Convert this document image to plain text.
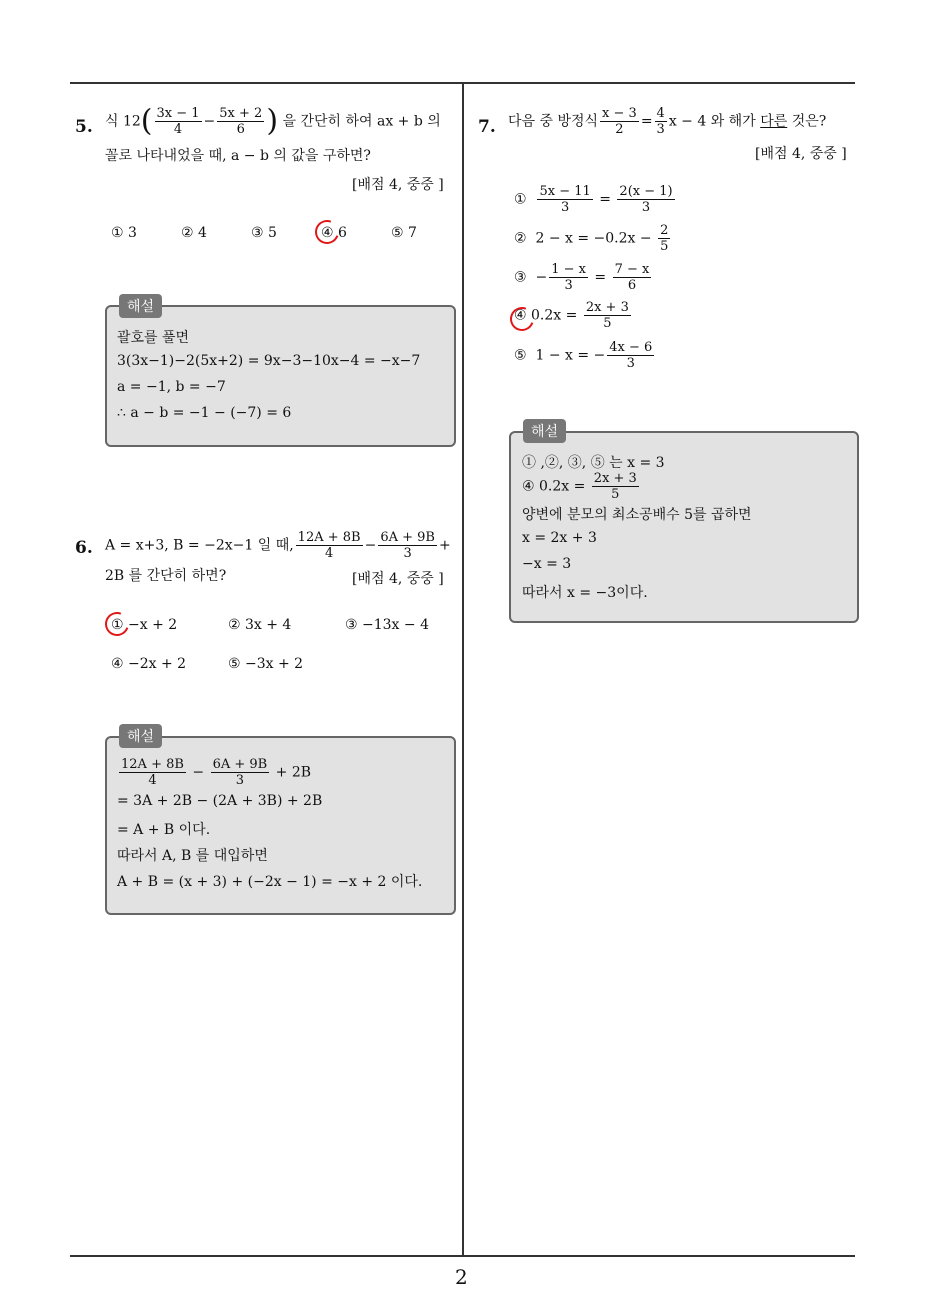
2
5. 식 $12( \frac{3x - 1}{4} - \frac{5x + 2}{6}$ ) 을 간단히 하여 ax + b 의
꼴로 나타내었을 때, a − b 의 값을 구하면?
[배점 4, 중중 ]
① 3	② 4	③ 5	④ 6	⑤ 7
해설
괄호를 풀면
3(3x−1)−2(5x+2) = 9x−3−10x−4 = −x−7
a = −1, b = −7
∴ a − b = −1 − (−7) = 6
6. A = x+3, B = −2x−1 일 때, $\frac{12A + 8B}{4} - \frac{6A + 9B}{3}$ +
2B 를 간단히 하면?	[배점 4, 중중 ]
① −x + 2	② 3x + 4	③ −13x − 4
④ −2x + 2	⑤ −3x + 2
해설
$\frac{12A + 8B}{4} - \frac{6A + 9B}{3} + 2B$
= 3A + 2B − (2A + 3B) + 2B
= A + B 이다.
따라서 A, B 를 대입하면
A + B = (x + 3) + (−2x − 1) = −x + 2 이다.
7. 다음 중 방정식 $\frac{x - 3}{2} = \frac{4}{3}$ x − 4 와 해가 다른 것은?
[배점 4, 중중 ]
① $\frac{5x - 11}{3} = \frac{2(x - 1)}{3}$
② $2 - x = -0.2x - \frac{2}{5}$
③ − $\frac{1 - x}{3} = \frac{7 - x}{6}$
④ $0.2x = \frac{2x + 3}{5}$
⑤ 1 − x = − $\frac{4x - 6}{3}$
해설
① ,②, ③, ⑤ 는 x = 3
④ $0.2x = \frac{2x + 3}{5}$
양변에 분모의 최소공배수 5를 곱하면
x = 2x + 3
−x = 3
따라서 x = −3이다.
